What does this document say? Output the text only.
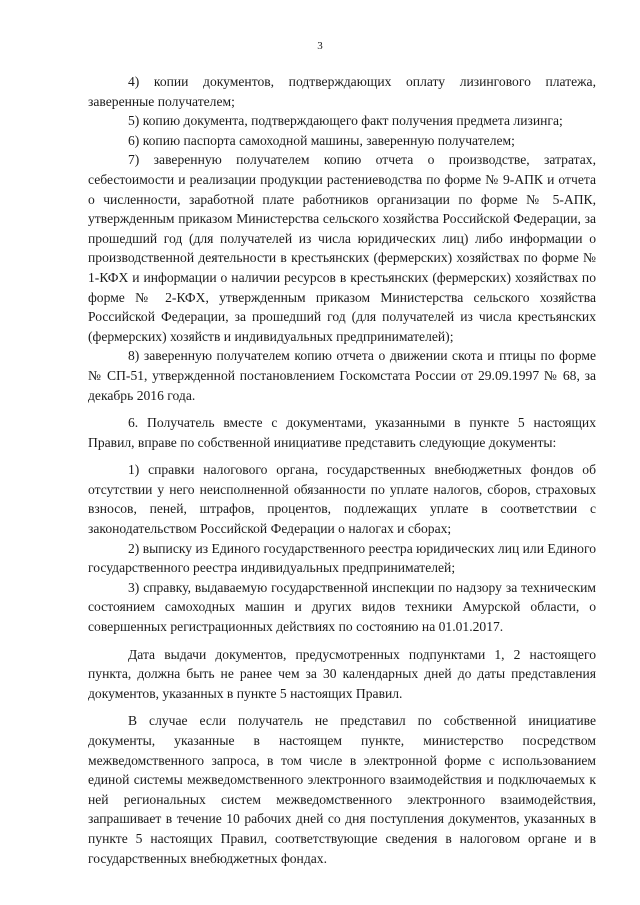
3

4) копии документов, подтверждающих оплату лизингового платежа, заверенные получателем;

5) копию документа, подтверждающего факт получения предмета лизинга;

6) копию паспорта самоходной машины, заверенную получателем;

7) заверенную получателем копию отчета о производстве, затратах, себестоимости и реализации продукции растениеводства по форме № 9-АПК и отчета о численности, заработной плате работников организации по форме № 5-АПК, утвержденным приказом Министерства сельского хозяйства Российской Федерации, за прошедший год (для получателей из числа юридических лиц) либо информации о производственной деятельности в крестьянских (фермерских) хозяйствах по форме № 1-КФХ и информации о наличии ресурсов в крестьянских (фермерских) хозяйствах по форме № 2-КФХ, утвержденным приказом Министерства сельского хозяйства Российской Федерации, за прошедший год (для получателей из числа крестьянских (фермерских) хозяйств и индивидуальных предпринимателей);

8) заверенную получателем копию отчета о движении скота и птицы по форме № СП-51, утвержденной постановлением Госкомстата России от 29.09.1997 № 68, за декабрь 2016 года.

6. Получатель вместе с документами, указанными в пункте 5 настоящих Правил, вправе по собственной инициативе представить следующие документы:

1) справки налогового органа, государственных внебюджетных фондов об отсутствии у него неисполненной обязанности по уплате налогов, сборов, страховых взносов, пеней, штрафов, процентов, подлежащих уплате в соответствии с законодательством Российской Федерации о налогах и сборах;

2) выписку из Единого государственного реестра юридических лиц или Единого государственного реестра индивидуальных предпринимателей;

3) справку, выдаваемую государственной инспекции по надзору за техническим состоянием самоходных машин и других видов техники Амурской области, о совершенных регистрационных действиях по состоянию на 01.01.2017.

Дата выдачи документов, предусмотренных подпунктами 1, 2 настоящего пункта, должна быть не ранее чем за 30 календарных дней до даты представления документов, указанных в пункте 5 настоящих Правил.

В случае если получатель не представил по собственной инициативе документы, указанные в настоящем пункте, министерство посредством межведомственного запроса, в том числе в электронной форме с использованием единой системы межведомственного электронного взаимодействия и подключаемых к ней региональных систем межведомственного электронного взаимодействия, запрашивает в течение 10 рабочих дней со дня поступления документов, указанных в пункте 5 настоящих Правил, соответствующие сведения в налоговом органе и в государственных внебюджетных фондах.
